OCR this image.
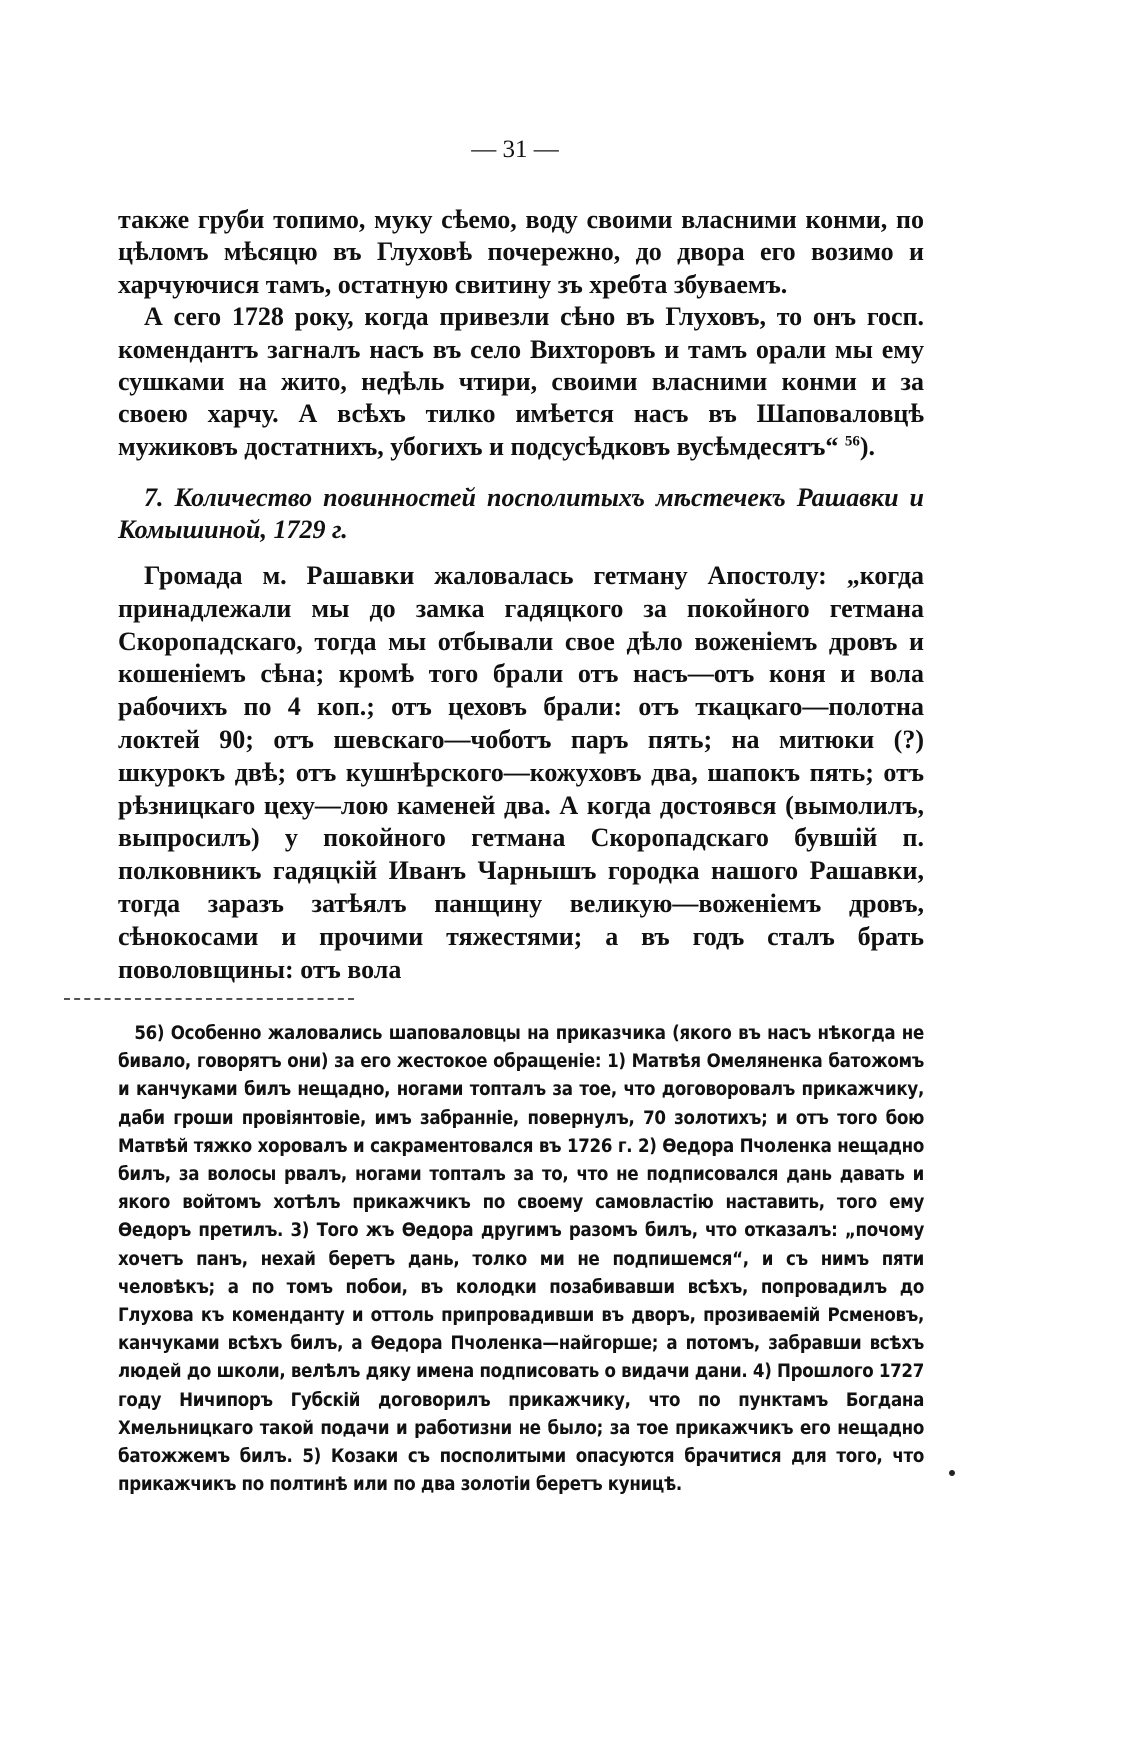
— 31 —

также груби топимо, муку сѣемо, воду своими власними конми, по цѣломъ мѣсяцю въ Глуховѣ почережно, до двора его возимо и харчуючися тамъ, остатную свитину зъ хребта збуваемъ.

 А сего 1728 року, когда привезли сѣно въ Глуховъ, то онъ госп. комендантъ загналъ насъ въ село Вихторовъ и тамъ орали мы ему сушками на жито, недѣль чтири, своими власними конми и за своею харчу. А всѣхъ тилко имѣется насъ въ Шаповаловцѣ мужиковъ достатнихъ, убогихъ и подсусѣдковъ вусѣмдесятъ“ $^{56}$).

 7. Количество повинностей посполитыхъ мѣстечекъ Рашавки и Комышиной, 1729 г.
 Громада м. Рашавки жаловалась гетману Апостолу: „когда принадлежали мы до замка гадяцкого за покойного гетмана Скоропадскаго, тогда мы отбывали свое дѣло воженіемъ дровъ и кошеніемъ сѣна; кромѣ того брали отъ насъ—отъ коня и вола рабочихъ по 4 коп.; отъ цеховъ брали: отъ ткацкаго—полотна локтей 90; отъ шевскаго—чоботъ паръ пять; на митюки (?) шкурокъ двѣ; отъ кушнѣрского—кожуховъ два, шапокъ пять; отъ рѣзницкаго цеху—лою каменей два. А когда достоявся (вымолилъ, выпросилъ) у покойного гетмана Скоропадскаго бувшій п. полковникъ гадяцкій Иванъ Чарнышъ городка нашого Рашавки, тогда заразъ затѣялъ панщину великую—воженіемъ дровъ, сѣнокосами и прочими тяжестями; а въ годъ сталъ брать поволовщины: отъ вола
 56) Особенно жаловались шаповаловцы на приказчика (якого въ насъ нѣкогда не бивало, говорятъ они) за его жестокое обращеніе: 1) Матвѣя Омеляненка батожомъ и канчуками билъ нещадно, ногами топталъ за тое, что договоровалъ прикажчику, даби гроши провіянтовіе, имъ забранніе, повернулъ, 70 золотихъ; и отъ того бою Матвѣй тяжко хоровалъ и сакраментовался въ 1726 г. 2) Өедора Пчоленка нещадно билъ, за волосы рвалъ, ногами топталъ за то, что не подписовался дань давать и якого войтомъ хотѣлъ прикажчикъ по своему самовластію наставить, того ему Өедоръ претилъ. 3) Того жъ Өедора другимъ разомъ билъ, что отказалъ: „почому хочетъ панъ, нехай беретъ дань, толко ми не подпишемся“, и съ нимъ пяти человѣкъ; а по томъ побои, въ колодки позабивавши всѣхъ, попровадилъ до Глухова къ коменданту и оттоль припровадивши въ дворъ, прозиваемій Рсменовъ, канчуками всѣхъ билъ, а Өедора Пчоленка—найгорше; а потомъ, забравши всѣхъ людей до школи, велѣлъ дяку имена подписовать о видачи дани. 4) Прошлого 1727 году Ничипоръ Губскій договорилъ прикажчику, что по пунктамъ Богдана Хмельницкаго такой подачи и работизни не было; за тое прикажчикъ его нещадно батожжемъ билъ. 5) Козаки съ посполитыми опасуются брачитися для того, что прикажчикъ по полтинѣ или по два золотіи беретъ куницѣ.
